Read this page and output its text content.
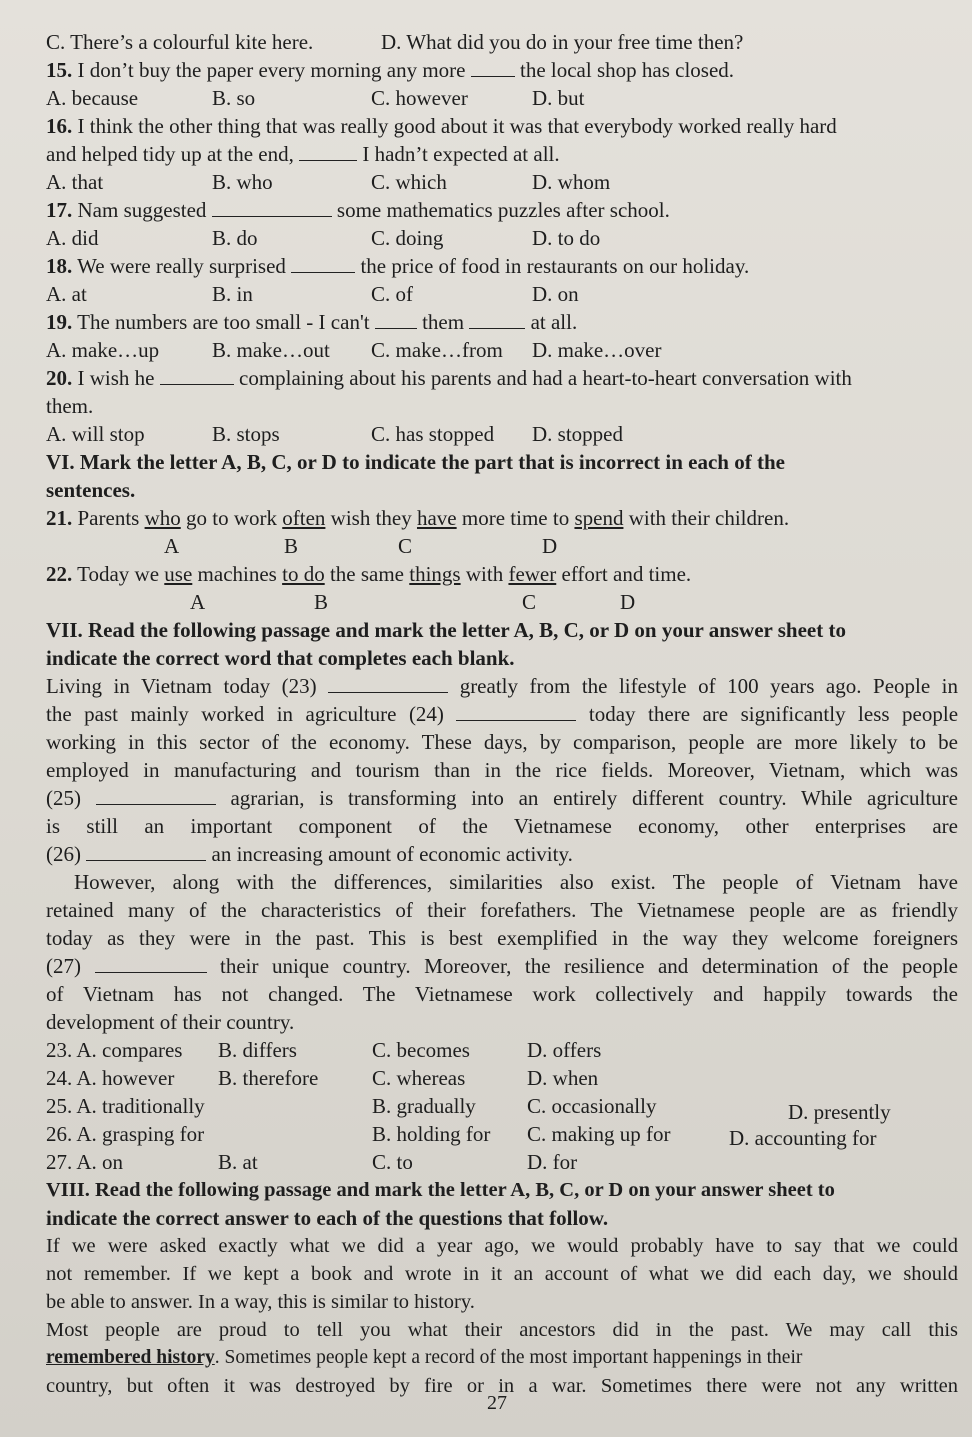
C. There’s a colourful kite here.	D. What did you do in your free time then?
15. I don’t buy the paper every morning any more	the local shop has closed.
A. because	B. so	C. however	D. but
16. I think the other thing that was really good about it was that everybody worked really hard
and helped tidy up at the end,	I hadn’t expected at all.
A. that	B. who	C. which	D. whom
17. Nam suggested	some mathematics puzzles after school.
A. did	B. do	C. doing	D. to do
18. We were really surprised	the price of food in restaurants on our holiday.
A. at	B. in	C. of	D. on
19. The numbers are too small - I can't	them	at all.
A. make…up	B. make…out C. make…from D. make…over
20. I wish he	complaining about his parents and had a heart-to-heart conversation with
them.
A. will stop	B. stops	C. has stopped D. stopped
VI. Mark the letter A, B, C, or D to indicate the part that is incorrect in each of the
sentences.
21. Parents who go to work often wish they have more time to spend with their children.
A	B	C	D
22. Today we use machines to do the same things with fewer effort and time.
A	B	C	D
VII. Read the following passage and mark the letter A, B, C, or D on your answer sheet to
indicate the correct word that completes each blank.
Living in Vietnam today (23)	greatly from the lifestyle of 100 years ago. People in
the past mainly worked in agriculture (24)	today there are significantly less people
working in this sector of the economy. These days, by comparison, people are more likely to be
employed in manufacturing and tourism than in the rice fields. Moreover, Vietnam, which was
(25)	agrarian, is transforming into an entirely different country. While agriculture
is still an important component of the Vietnamese economy, other enterprises are
(26)	an increasing amount of economic activity.
However, along with the differences, similarities also exist. The people of Vietnam have
retained many of the characteristics of their forefathers. The Vietnamese people are as friendly
today as they were in the past. This is best exemplified in the way they welcome foreigners
(27)	their unique country. Moreover, the resilience and determination of the people
of Vietnam has not changed. The Vietnamese work collectively and happily towards the
development of their country.
23. A. compares B. differs	C. becomes	D. offers
24. A. however B. therefore	C. whereas	D. when
25. A. traditionally	B. gradually C. occasionally	D. presently
26. A. grasping for	B. holding for C. making up for	D. accounting for
27. A. on	B. at	C. to	D. for
VIII. Read the following passage and mark the letter A, B, C, or D on your answer sheet to
indicate the correct answer to each of the questions that follow.
If we were asked exactly what we did a year ago, we would probably have to say that we could
not remember. If we kept a book and wrote in it an account of what we did each day, we should
be able to answer. In a way, this is similar to history.
Most people are proud to tell you what their ancestors did in the past. We may call this
remembered history. Sometimes people kept a record of the most important happenings in their
country, but often it was destroyed by fire or in a war. Sometimes there were not any written
27
